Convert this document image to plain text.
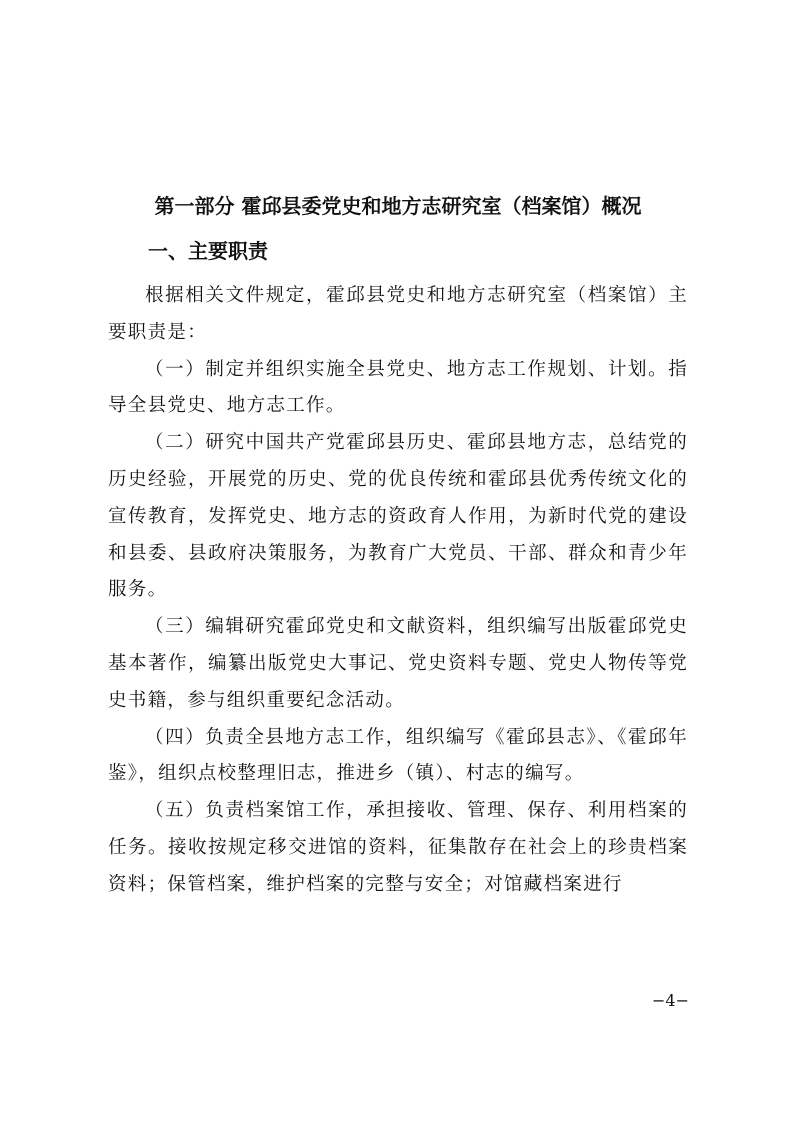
第一部分 霍邱县委党史和地方志研究室（档案馆）概况
一、主要职责

根据相关文件规定，霍邱县党史和地方志研究室（档案馆）主要职责是：

（一）制定并组织实施全县党史、地方志工作规划、计划。指导全县党史、地方志工作。

（二）研究中国共产党霍邱县历史、霍邱县地方志，总结党的历史经验，开展党的历史、党的优良传统和霍邱县优秀传统文化的宣传教育，发挥党史、地方志的资政育人作用，为新时代党的建设和县委、县政府决策服务，为教育广大党员、干部、群众和青少年服务。

（三）编辑研究霍邱党史和文献资料，组织编写出版霍邱党史基本著作，编纂出版党史大事记、党史资料专题、党史人物传等党史书籍，参与组织重要纪念活动。

（四）负责全县地方志工作，组织编写《霍邱县志》、《霍邱年鉴》，组织点校整理旧志，推进乡（镇）、村志的编写。

（五）负责档案馆工作，承担接收、管理、保存、利用档案的任务。接收按规定移交进馆的资料，征集散存在社会上的珍贵档案资料；保管档案，维护档案的完整与安全；对馆藏档案进行

−4−
